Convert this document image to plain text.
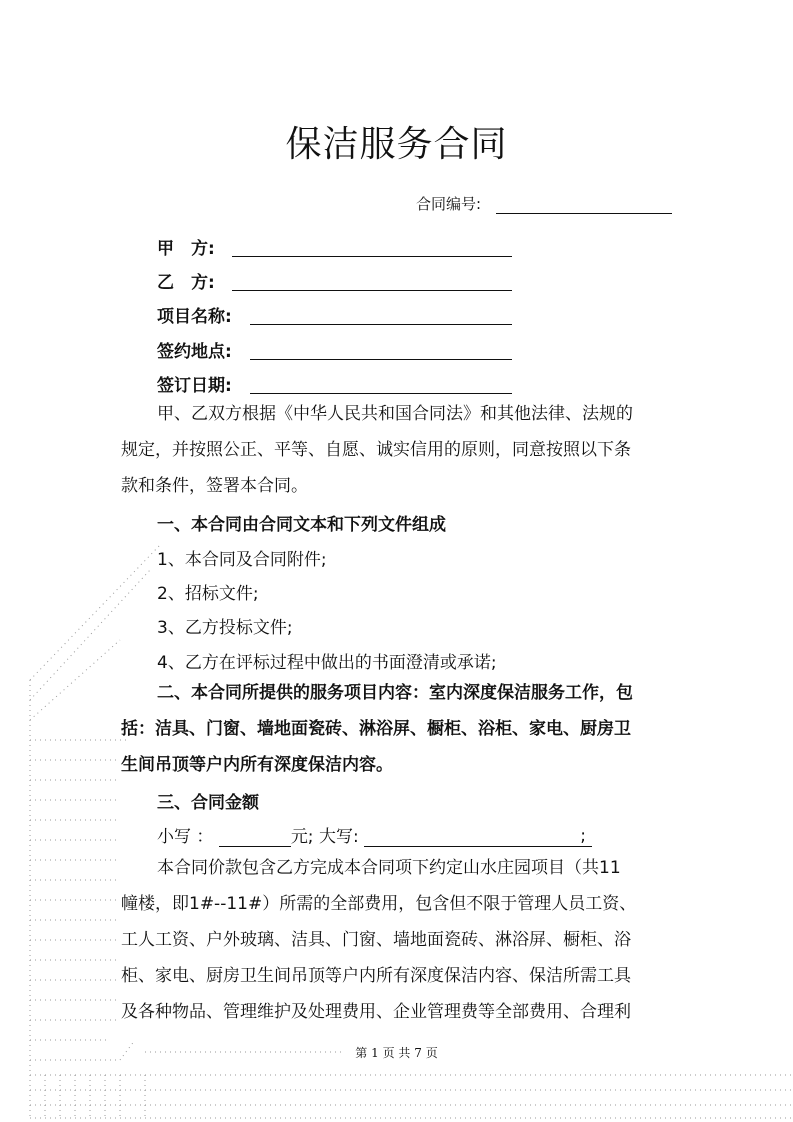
保洁服务合同
合同编号:
甲　方:
乙　方:
项目名称:
签约地点:
签订日期:
甲、乙双方根据《中华人民共和国合同法》和其他法律、法规的
规定，并按照公正、平等、自愿、诚实信用的原则，同意按照以下条
款和条件，签署本合同。
一、本合同由合同文本和下列文件组成
1、本合同及合同附件;
2、招标文件;
3、乙方投标文件;
4、乙方在评标过程中做出的书面澄清或承诺;
二、本合同所提供的服务项目内容：室内深度保洁服务工作，包
括：洁具、门窗、墙地面瓷砖、淋浴屏、橱柜、浴柜、家电、厨房卫
生间吊顶等户内所有深度保洁内容。
三、合同金额
小写 ：	元; 大写:	;
本合同价款包含乙方完成本合同项下约定山水庄园项目（共11
幢楼，即1#--11#）所需的全部费用，包含但不限于管理人员工资、
工人工资、户外玻璃、洁具、门窗、墙地面瓷砖、淋浴屏、橱柜、浴
柜、家电、厨房卫生间吊顶等户内所有深度保洁内容、保洁所需工具
及各种物品、管理维护及处理费用、企业管理费等全部费用、合理利
第 1 页 共 7 页
